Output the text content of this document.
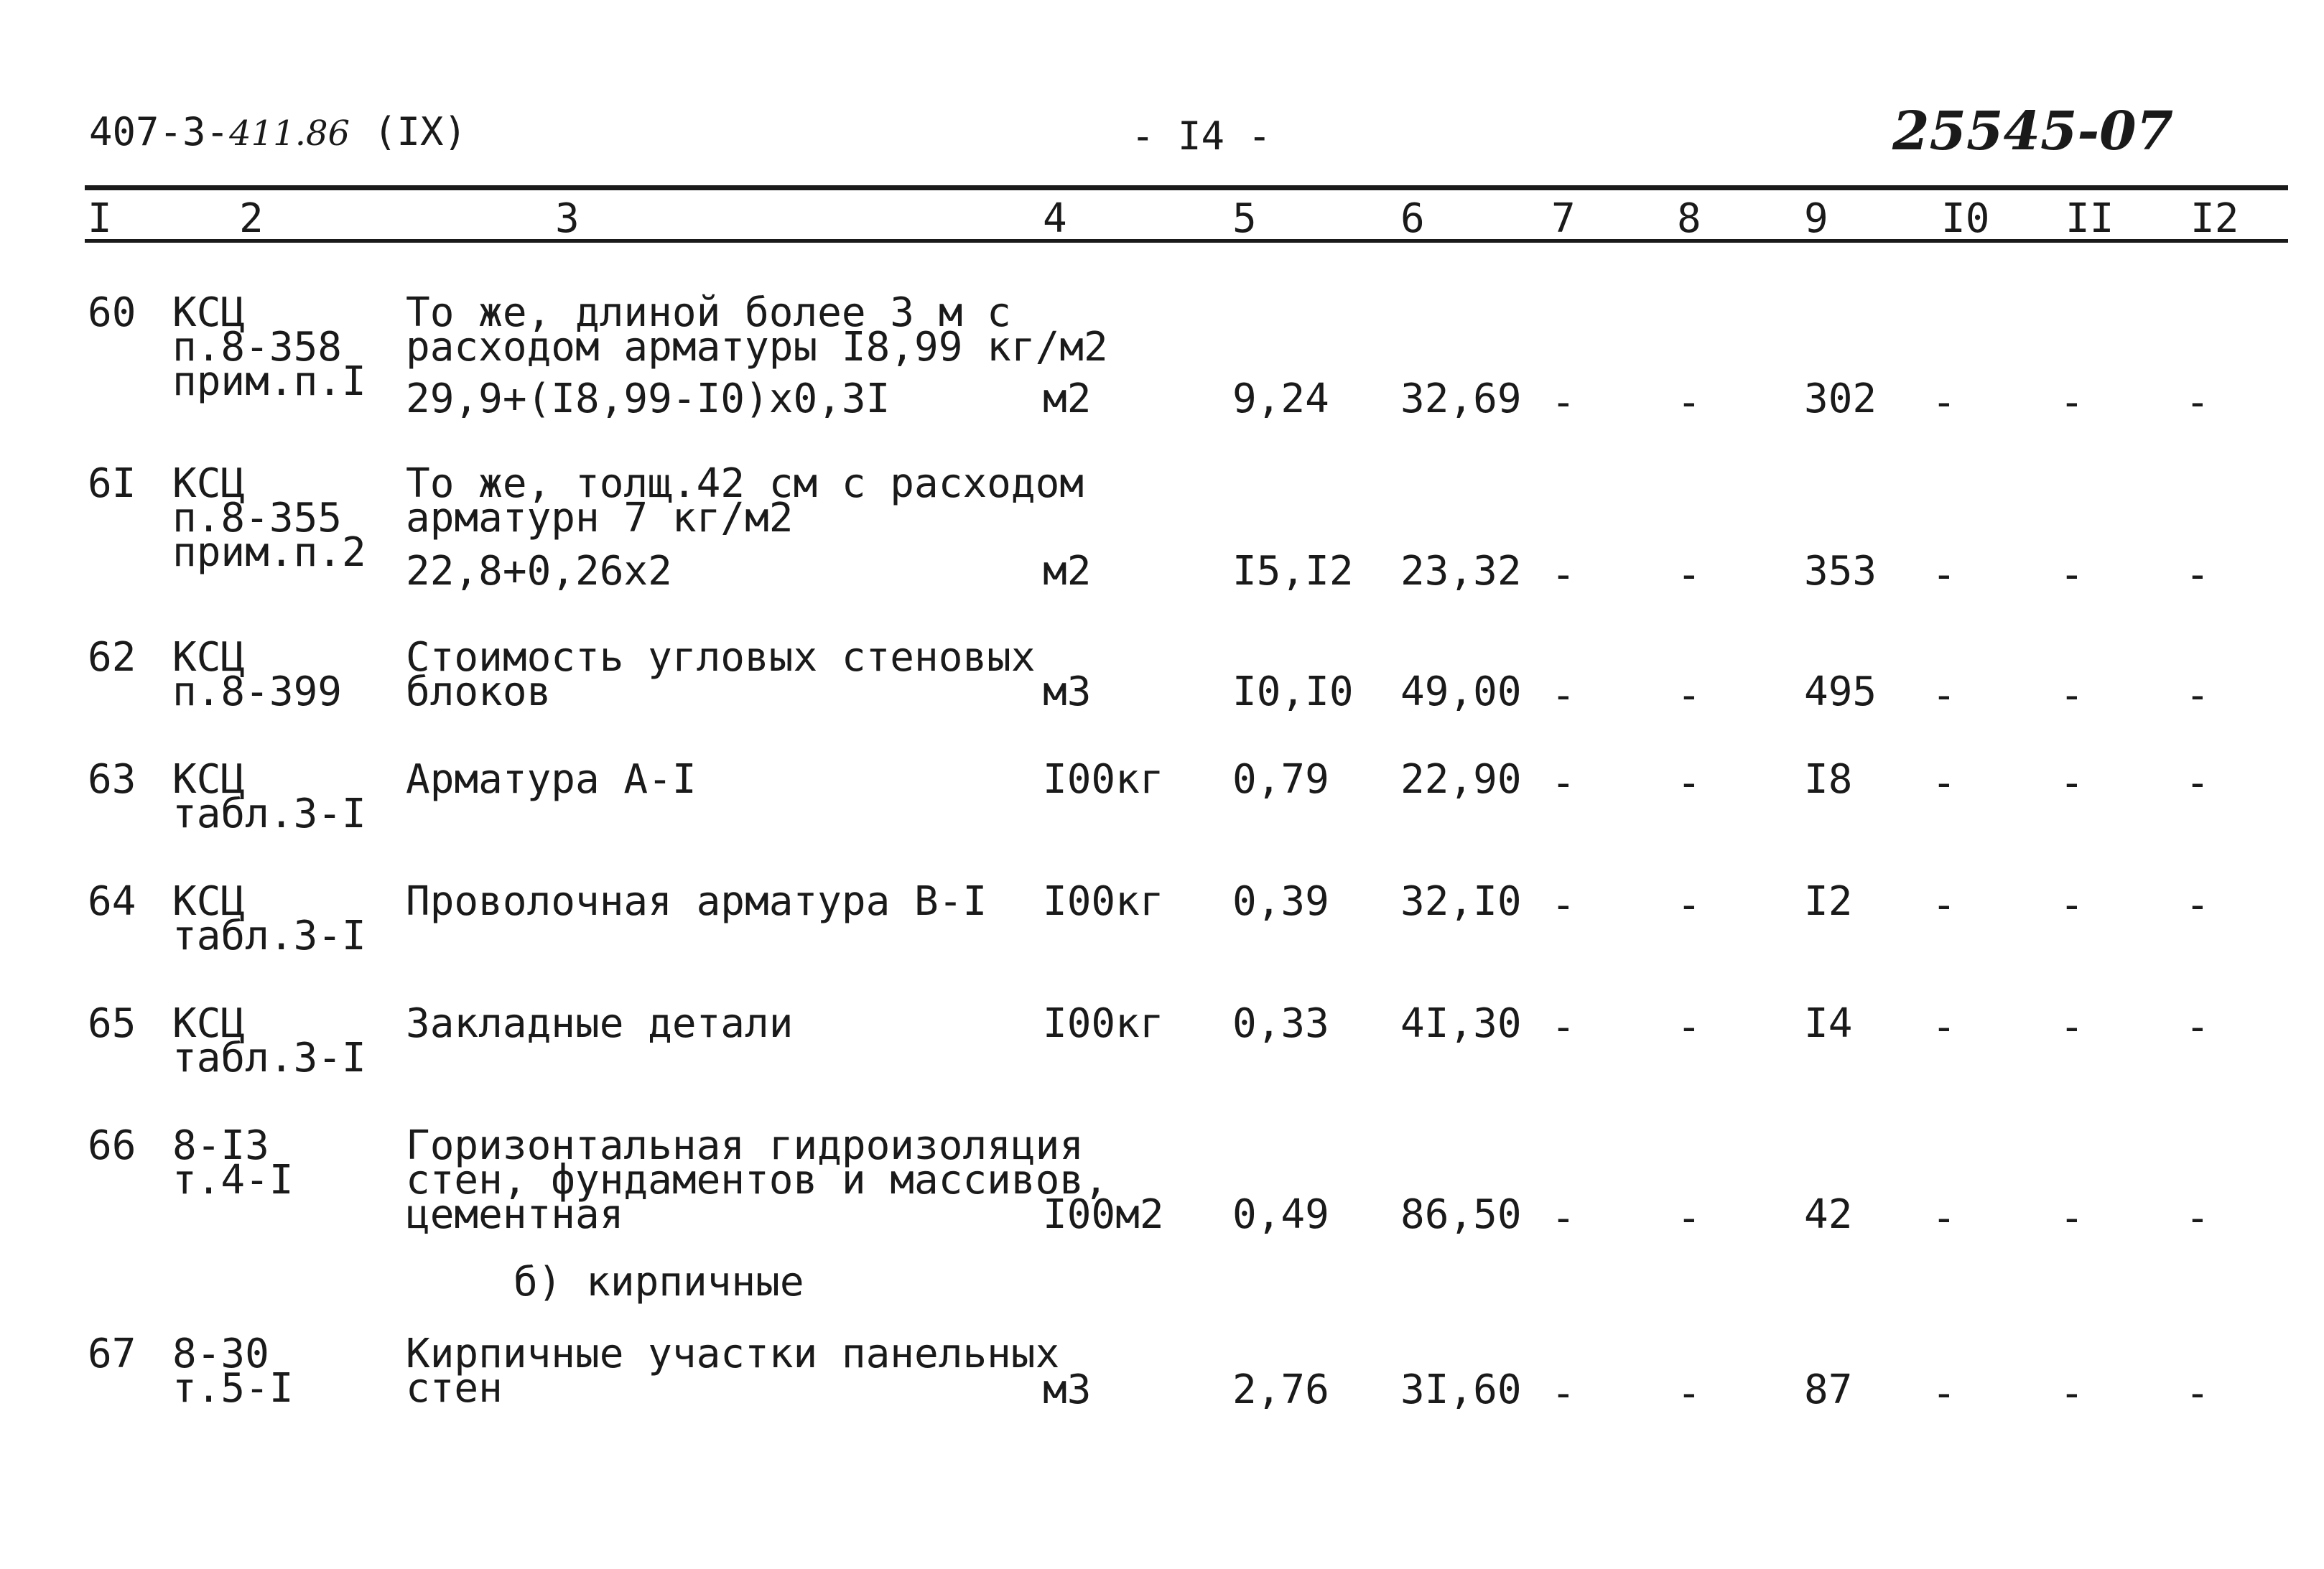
407-3-411.86 (IX)	- I4 -	25545-07
I	2	3	4	5	6	7	8	9	I0 II I2
60 КСЦ
п.8-358
прим.п.I
То же, длиной более 3 м с
расходом арматуры I8,99 кг/м2
29,9+(I8,99-I0)х0,3I	м2	9,24 32,69 -	-	302 -	-	-
6I КСЦ
п.8-355
прим.п.2
То же, толщ.42 см с расходом
арматурн 7 кг/м2
22,8+0,26х2	м2	I5,I2 23,32 -	-	353 -	-	-
62 КСЦ
п.8-399
Стоимость угловых стеновых
блоков	м3	I0,I0 49,00 -	-	495 -	-	-
63 КСЦ
табл.3-I
Арматура А-I	I00кг 0,79 22,90 -	-	I8 -	-	-
64 КСЦ
табл.3-I
Проволочная арматура В-I I00кг 0,39 32,I0 -	-	I2 -	-	-
65 КСЦ
табл.3-I
Закладные детали	I00кг 0,33 4I,30 -	-	I4 -	-	-
66 8-I3
т.4-I
Горизонтальная гидроизоляция
стен, фундаментов и массивов,
цементная	I00м2 0,49 86,50 -	-	42 -	-	-
б) кирпичные
67 8-30
т.5-I
Кирпичные участки панельных
стен	м3	2,76 3I,60 -	-	87 -	-	-
